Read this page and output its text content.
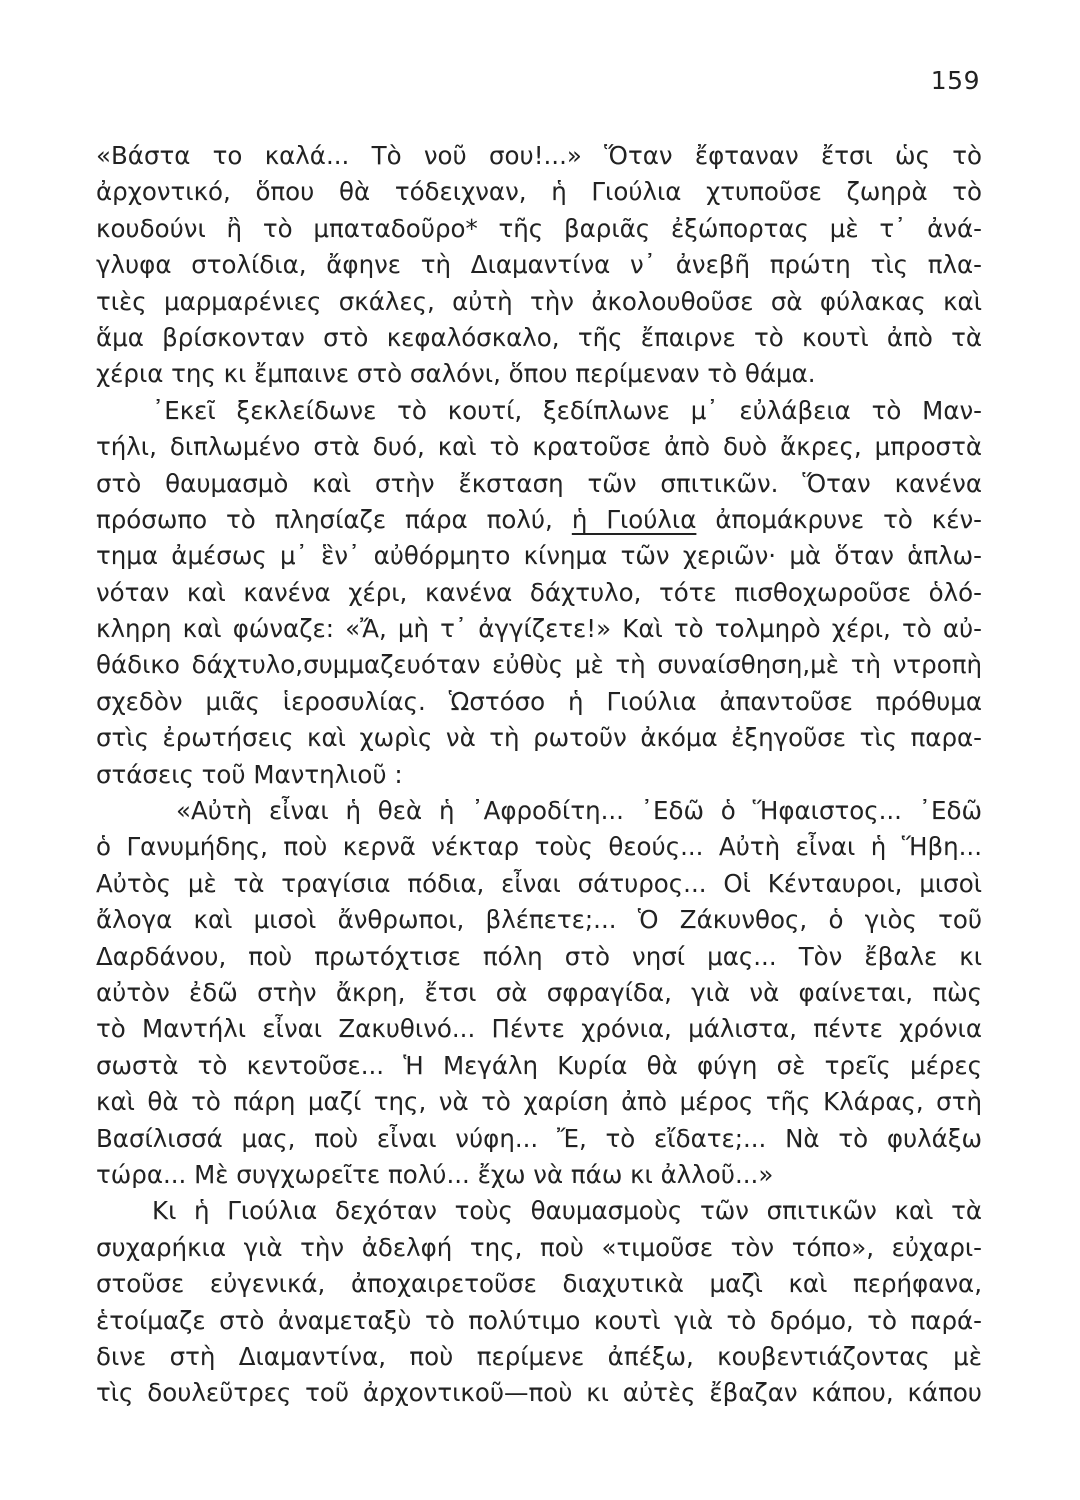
159
«Βάστα το καλά... Τὸ νοῦ σου!...» Ὅταν ἔφταναν ἔτσι ὡς τὸ
ἀρχοντικό, ὅπου θὰ τόδειχναν, ἡ Γιούλια χτυποῦσε ζωηρὰ τὸ
κουδούνι ἢ τὸ μπαταδοῦρο* τῆς βαριᾶς ἐξώπορτας μὲ τ᾿ ἀνά-
γλυφα στολίδια, ἄφηνε τὴ Διαμαντίνα ν᾿ ἀνεβῆ πρώτη τὶς πλα-
τιὲς μαρμαρένιες σκάλες, αὐτὴ τὴν ἀκολουθοῦσε σὰ φύλακας καὶ
ἅμα βρίσκονταν στὸ κεφαλόσκαλο, τῆς ἔπαιρνε τὸ κουτὶ ἀπὸ τὰ
χέρια της κι ἔμπαινε στὸ σαλόνι, ὅπου περίμεναν τὸ θάμα.
᾿Εκεῖ ξεκλείδωνε τὸ κουτί, ξεδίπλωνε μ᾿ εὐλάβεια τὸ Μαν-
τήλι, διπλωμένο στὰ δυό, καὶ τὸ κρατοῦσε ἀπὸ δυὸ ἄκρες, μπροστὰ
στὸ θαυμασμὸ καὶ στὴν ἔκσταση τῶν σπιτικῶν. Ὅταν κανένα
πρόσωπο τὸ πλησίαζε πάρα πολύ, ἡ Γιούλια ἀπομάκρυνε τὸ κέν-
τημα ἀμέσως μ᾿ ἓν᾿ αὐθόρμητο κίνημα τῶν χεριῶν· μὰ ὅταν ἁπλω-
νόταν καὶ κανένα χέρι, κανένα δάχτυλο, τότε πισθοχωροῦσε ὁλό-
κληρη καὶ φώναζε: «Ἄ, μὴ τ᾿ ἀγγίζετε!» Καὶ τὸ τολμηρὸ χέρι, τὸ αὐ-
θάδικο δάχτυλο,συμμαζευόταν εὐθὺς μὲ τὴ συναίσθηση,μὲ τὴ ντροπὴ
σχεδὸν μιᾶς ἱεροσυλίας. Ὡστόσο ἡ Γιούλια ἀπαντοῦσε πρόθυμα
στὶς ἐρωτήσεις καὶ χωρὶς νὰ τὴ ρωτοῦν ἀκόμα ἐξηγοῦσε τὶς παρα-
στάσεις τοῦ Μαντηλιοῦ :
«Αὐτὴ εἶναι ἡ θεὰ ἡ ᾿Αφροδίτη... ᾿Εδῶ ὁ Ἥφαιστος... ᾿Εδῶ
ὁ Γανυμήδης, ποὺ κερνᾶ νέκταρ τοὺς θεούς... Αὐτὴ εἶναι ἡ Ἥβη...
Αὐτὸς μὲ τὰ τραγίσια πόδια, εἶναι σάτυρος... Οἱ Κένταυροι, μισοὶ
ἄλογα καὶ μισοὶ ἄνθρωποι, βλέπετε;... Ὁ Ζάκυνθος, ὁ γιὸς τοῦ
Δαρδάνου, ποὺ πρωτόχτισε πόλη στὸ νησί μας... Τὸν ἔβαλε κι
αὐτὸν ἐδῶ στὴν ἄκρη, ἔτσι σὰ σφραγίδα, γιὰ νὰ φαίνεται, πὼς
τὸ Μαντήλι εἶναι Ζακυθινό... Πέντε χρόνια, μάλιστα, πέντε χρόνια
σωστὰ τὸ κεντοῦσε... Ἡ Μεγάλη Κυρία θὰ φύγη σὲ τρεῖς μέρες
καὶ θὰ τὸ πάρη μαζί της, νὰ τὸ χαρίση ἀπὸ μέρος τῆς Κλάρας, στὴ
Βασίλισσά μας, ποὺ εἶναι νύφη... Ἔ, τὸ εἴδατε;... Νὰ τὸ φυλάξω
τώρα... Μὲ συγχωρεῖτε πολύ... ἔχω νὰ πάω κι ἀλλοῦ...»
Κι ἡ Γιούλια δεχόταν τοὺς θαυμασμοὺς τῶν σπιτικῶν καὶ τὰ
συχαρήκια γιὰ τὴν ἀδελφή της, ποὺ «τιμοῦσε τὸν τόπο», εὐχαρι-
στοῦσε εὐγενικά, ἀποχαιρετοῦσε διαχυτικὰ μαζὶ καὶ περήφανα,
ἑτοίμαζε στὸ ἀναμεταξὺ τὸ πολύτιμο κουτὶ γιὰ τὸ δρόμο, τὸ παρά-
δινε στὴ Διαμαντίνα, ποὺ περίμενε ἀπέξω, κουβεντιάζοντας μὲ
τὶς δουλεῦτρες τοῦ ἀρχοντικοῦ—ποὺ κι αὐτὲς ἔβαζαν κάπου, κάπου
